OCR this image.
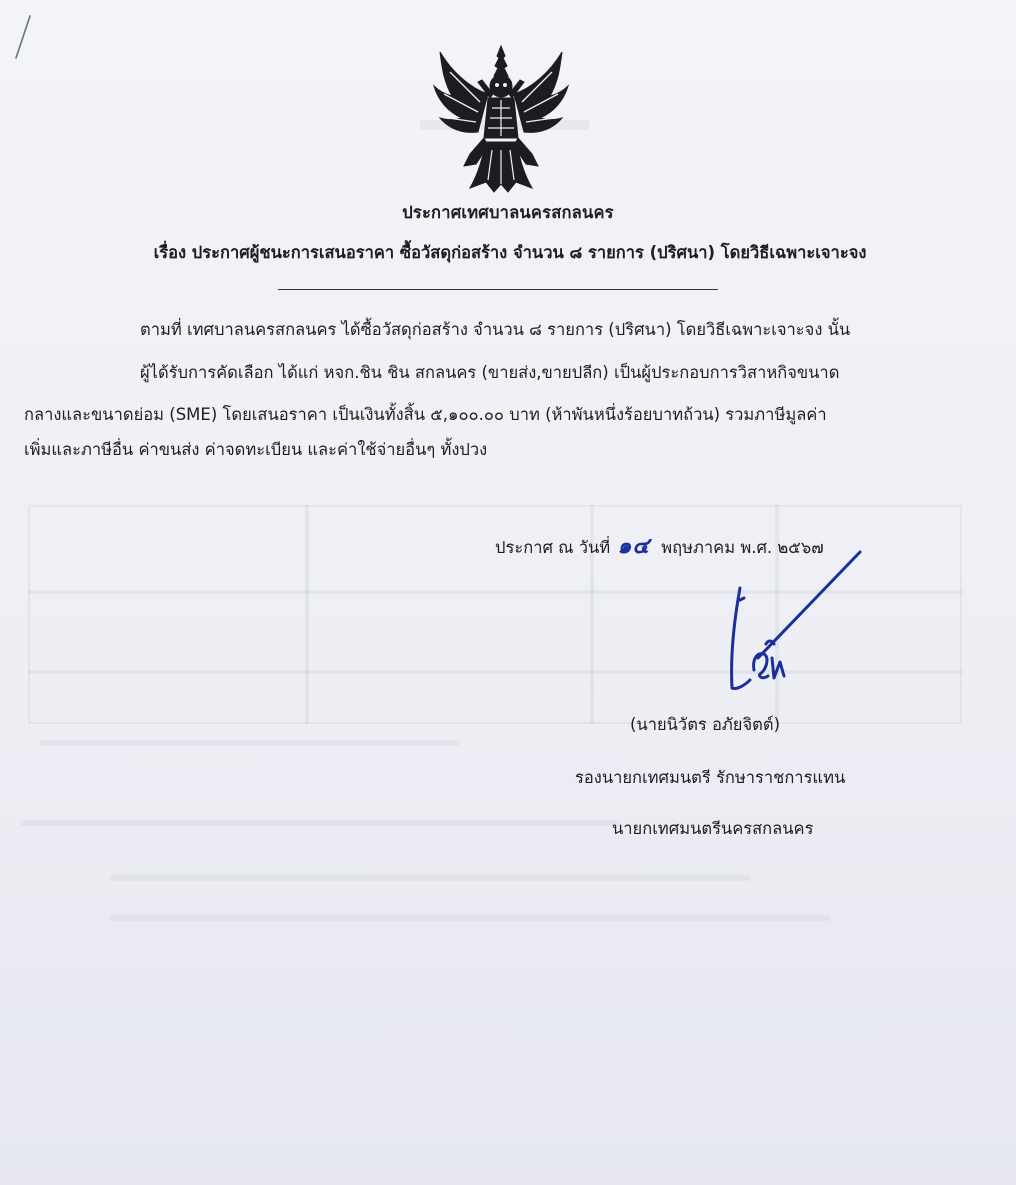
ประกาศเทศบาลนครสกลนคร
เรื่อง ประกาศผู้ชนะการเสนอราคา ซื้อวัสดุก่อสร้าง จำนวน ๘ รายการ (ปริศนา) โดยวิธีเฉพาะเจาะจง
ตามที่ เทศบาลนครสกลนคร ได้ซื้อวัสดุก่อสร้าง จำนวน ๘ รายการ (ปริศนา) โดยวิธีเฉพาะเจาะจง นั้น
ผู้ได้รับการคัดเลือก ได้แก่ หจก.ชิน ชิน สกลนคร (ขายส่ง,ขายปลีก) เป็นผู้ประกอบการวิสาหกิจขนาด
กลางและขนาดย่อม (SME) โดยเสนอราคา เป็นเงินทั้งสิ้น ๕,๑๐๐.๐๐ บาท (ห้าพันหนึ่งร้อยบาทถ้วน) รวมภาษีมูลค่า
เพิ่มและภาษีอื่น ค่าขนส่ง ค่าจดทะเบียน และค่าใช้จ่ายอื่นๆ ทั้งปวง
ประกาศ ณ วันที่ ๑๔ พฤษภาคม พ.ศ. ๒๕๖๗
(นายนิวัตร อภัยจิตต์)
รองนายกเทศมนตรี รักษาราชการแทน
นายกเทศมนตรีนครสกลนคร
